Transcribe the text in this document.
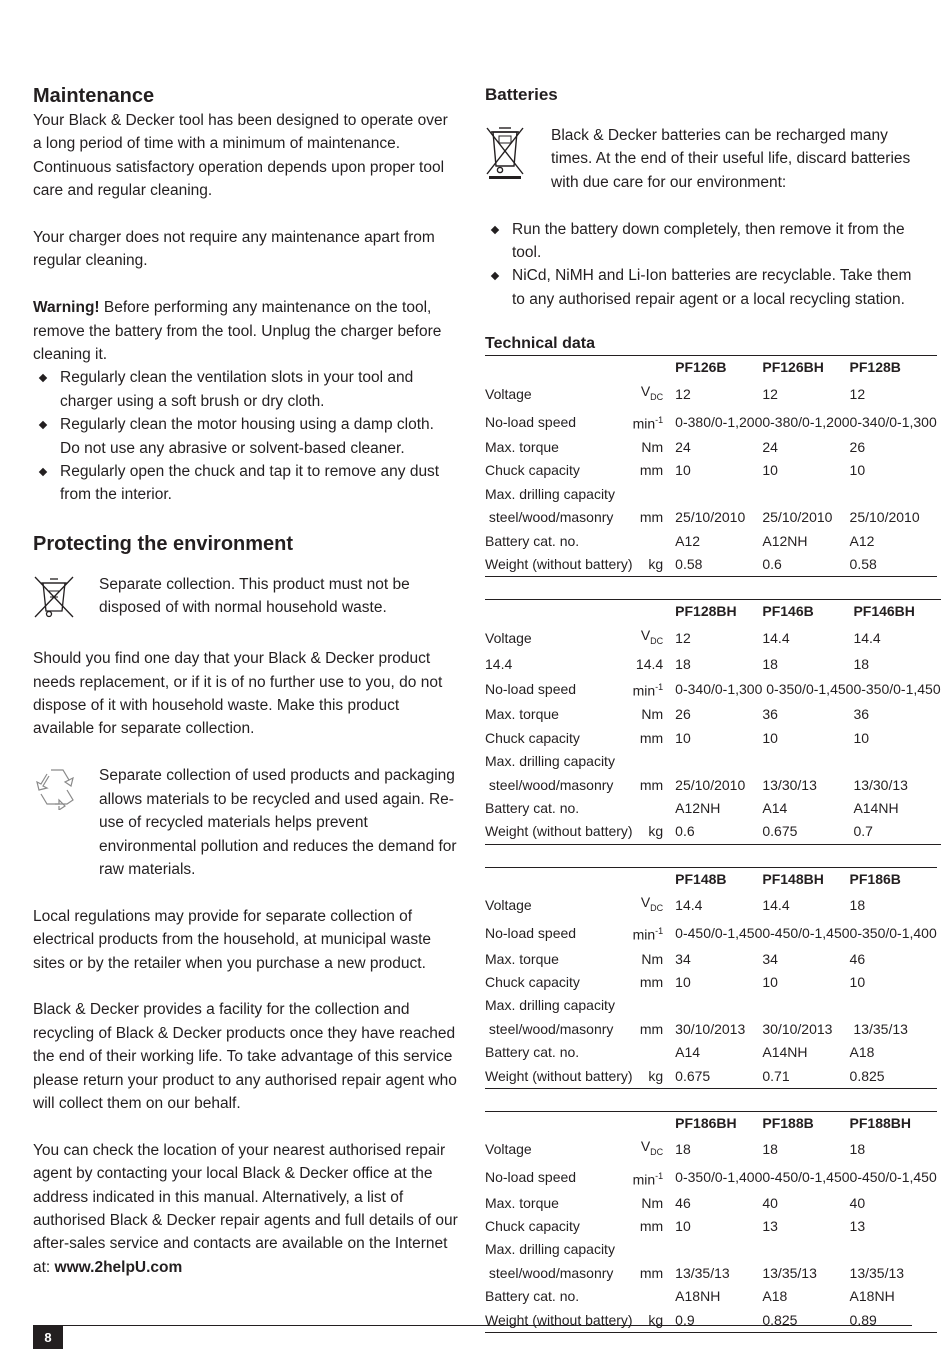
Maintenance

Your Black & Decker tool has been designed to operate over a long period of time with a minimum of maintenance. Continuous satisfactory operation depends upon proper tool care and regular cleaning.

Your charger does not require any maintenance apart from regular cleaning.

Warning! Before performing any maintenance on the tool, remove the battery from the tool. Unplug the charger before cleaning it.

Regularly clean the ventilation slots in your tool and charger using a soft brush or dry cloth.
Regularly clean the motor housing using a damp cloth. Do not use any abrasive or solvent-based cleaner.
Regularly open the chuck and tap it to remove any dust from the interior.
Protecting the environment

Separate collection. This product must not be disposed of with normal household waste.

Should you find one day that your Black & Decker product needs replacement, or if it is of no further use to you, do not dispose of it with household waste. Make this product available for separate collection.

Separate collection of used products and packaging allows materials to be recycled and used again. Re-use of recycled materials helps prevent environmental pollution and reduces the demand for raw materials.

Local regulations may provide for separate collection of electrical products from the household, at municipal waste sites or by the retailer when you purchase a new product.

Black & Decker provides a facility for the collection and recycling of Black & Decker products once they have reached the end of their working life. To take advantage of this service please return your product to any authorised repair agent who will collect them on our behalf.

You can check the location of your nearest authorised repair agent by contacting your local Black & Decker office at the address indicated in this manual. Alternatively, a list of authorised Black & Decker repair agents and full details of our after-sales service and contacts are available on the Internet at: www.2helpU.com

Batteries

Black & Decker batteries can be recharged many times. At the end of their useful life, discard batteries with due care for our environment:

Run the battery down completely, then remove it from the tool.
NiCd, NiMH and Li-Ion batteries are recyclable. Take them to any authorised repair agent or a local recycling station.
Technical data
		PF126B	PF126BH	PF128B
Voltage	$V_{DC}$	12	12	12
No-load speed	$\min^{-1}$	0-380/0-1,200	0-380/0-1,200	0-340/0-1,300
Max. torque	Nm	24	24	26
Chuck capacity	mm	10	10	10
Max. drilling capacity				
steel/wood/masonry	mm	25/10/2010	25/10/2010	25/10/2010
Battery cat. no.		A12	A12NH	A12
Weight (without battery)	kg	0.58	0.6	0.58
		PF128BH	PF146B	PF146BH
Voltage	$V_{DC}$	12	14.4	14.4
14.4	14.4	18	18	18
No-load speed	$\min^{-1}$	0-340/0-1,300	0-350/0-1,450	0-350/0-1,450
Max. torque	Nm	26	36	36
Chuck capacity	mm	10	10	10
Max. drilling capacity				
steel/wood/masonry	mm	25/10/2010	13/30/13	13/30/13
Battery cat. no.		A12NH	A14	A14NH
Weight (without battery)	kg	0.6	0.675	0.7
		PF148B	PF148BH	PF186B
Voltage	$V_{DC}$	14.4	14.4	18
No-load speed	$\min^{-1}$	0-450/0-1,450	0-450/0-1,450	0-350/0-1,400
Max. torque	Nm	34	34	46
Chuck capacity	mm	10	10	10
Max. drilling capacity				
steel/wood/masonry	mm	30/10/2013	30/10/2013	13/35/13
Battery cat. no.		A14	A14NH	A18
Weight (without battery)	kg	0.675	0.71	0.825
		PF186BH	PF188B	PF188BH
Voltage	$V_{DC}$	18	18	18
No-load speed	$\min^{-1}$	0-350/0-1,400	0-450/0-1,450	0-450/0-1,450
Max. torque	Nm	46	40	40
Chuck capacity	mm	10	13	13
Max. drilling capacity				
steel/wood/masonry	mm	13/35/13	13/35/13	13/35/13
Battery cat. no.		A18NH	A18	A18NH
Weight (without battery)	kg	0.9	0.825	0.89
8
